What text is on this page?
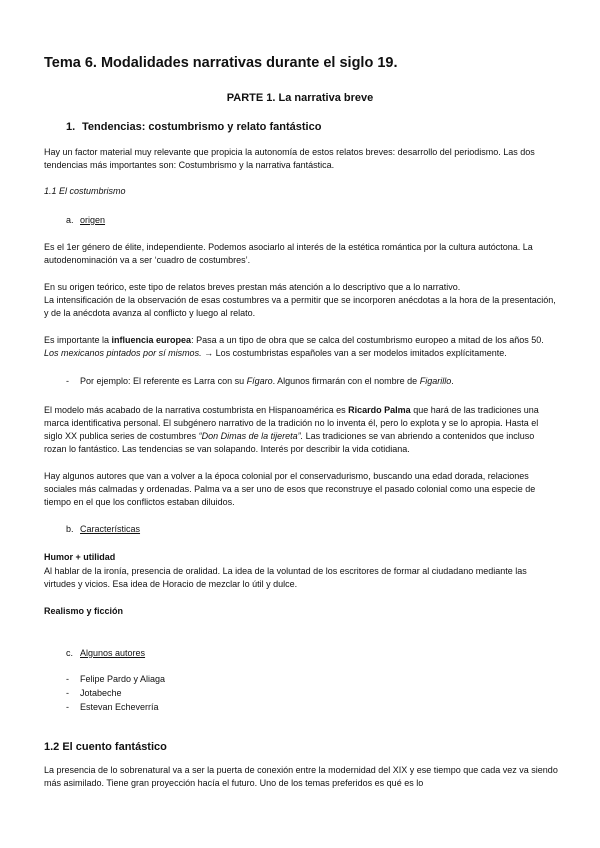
Tema 6. Modalidades narrativas durante el siglo 19.
PARTE 1. La narrativa breve
1. Tendencias: costumbrismo y relato fantástico

Hay un factor material muy relevante que propicia la autonomía de estos relatos breves: desarrollo del periodismo. Las dos tendencias más importantes son: Costumbrismo y la narrativa fantástica.

1.1 El costumbrismo

a. origen

Es el 1er género de élite, independiente. Podemos asociarlo al interés de la estética romántica por la cultura autóctona. La autodenominación va a ser ‘cuadro de costumbres’.

En su origen teórico, este tipo de relatos breves prestan más atención a lo descriptivo que a lo narrativo.

La intensificación de la observación de esas costumbres va a permitir que se incorporen anécdotas a la hora de la presentación, y de la anécdota avanza al conflicto y luego al relato.

Es importante la influencia europea: Pasa a un tipo de obra que se calca del costumbrismo europeo a mitad de los años 50. Los mexicanos pintados por sí mismos. → Los costumbristas españoles van a ser modelos imitados explícitamente.

- Por ejemplo: El referente es Larra con su Fígaro. Algunos firmarán con el nombre de Figarillo.

El modelo más acabado de la narrativa costumbrista en Hispanoamérica es Ricardo Palma que hará de las tradiciones una marca identificativa personal. El subgénero narrativo de la tradición no lo inventa él, pero lo explota y se lo apropia. Hasta el siglo XX publica series de costumbres “Don Dimas de la tijereta”. Las tradiciones se van abriendo a contenidos que incluso rozan lo fantástico. Las tendencias se van solapando. Interés por describir la vida cotidiana.

Hay algunos autores que van a volver a la época colonial por el conservadurismo, buscando una edad dorada, relaciones sociales más calmadas y ordenadas. Palma va a ser uno de esos que reconstruye el pasado colonial como una especie de tiempo en el que los conflictos estaban diluidos.

b. Características
Humor + utilidad

Al hablar de la ironía, presencia de oralidad. La idea de la voluntad de los escritores de formar al ciudadano mediante las virtudes y vicios. Esa idea de Horacio de mezclar lo útil y dulce.

Realismo y ficción
c. Algunos autores
- Felipe Pardo y Aliaga
- Jotabeche
- Estevan Echeverría
1.2 El cuento fantástico

La presencia de lo sobrenatural va a ser la puerta de conexión entre la modernidad del XIX y ese tiempo que cada vez va siendo más asimilado. Tiene gran proyección hacía el futuro. Uno de los temas preferidos es qué es lo
